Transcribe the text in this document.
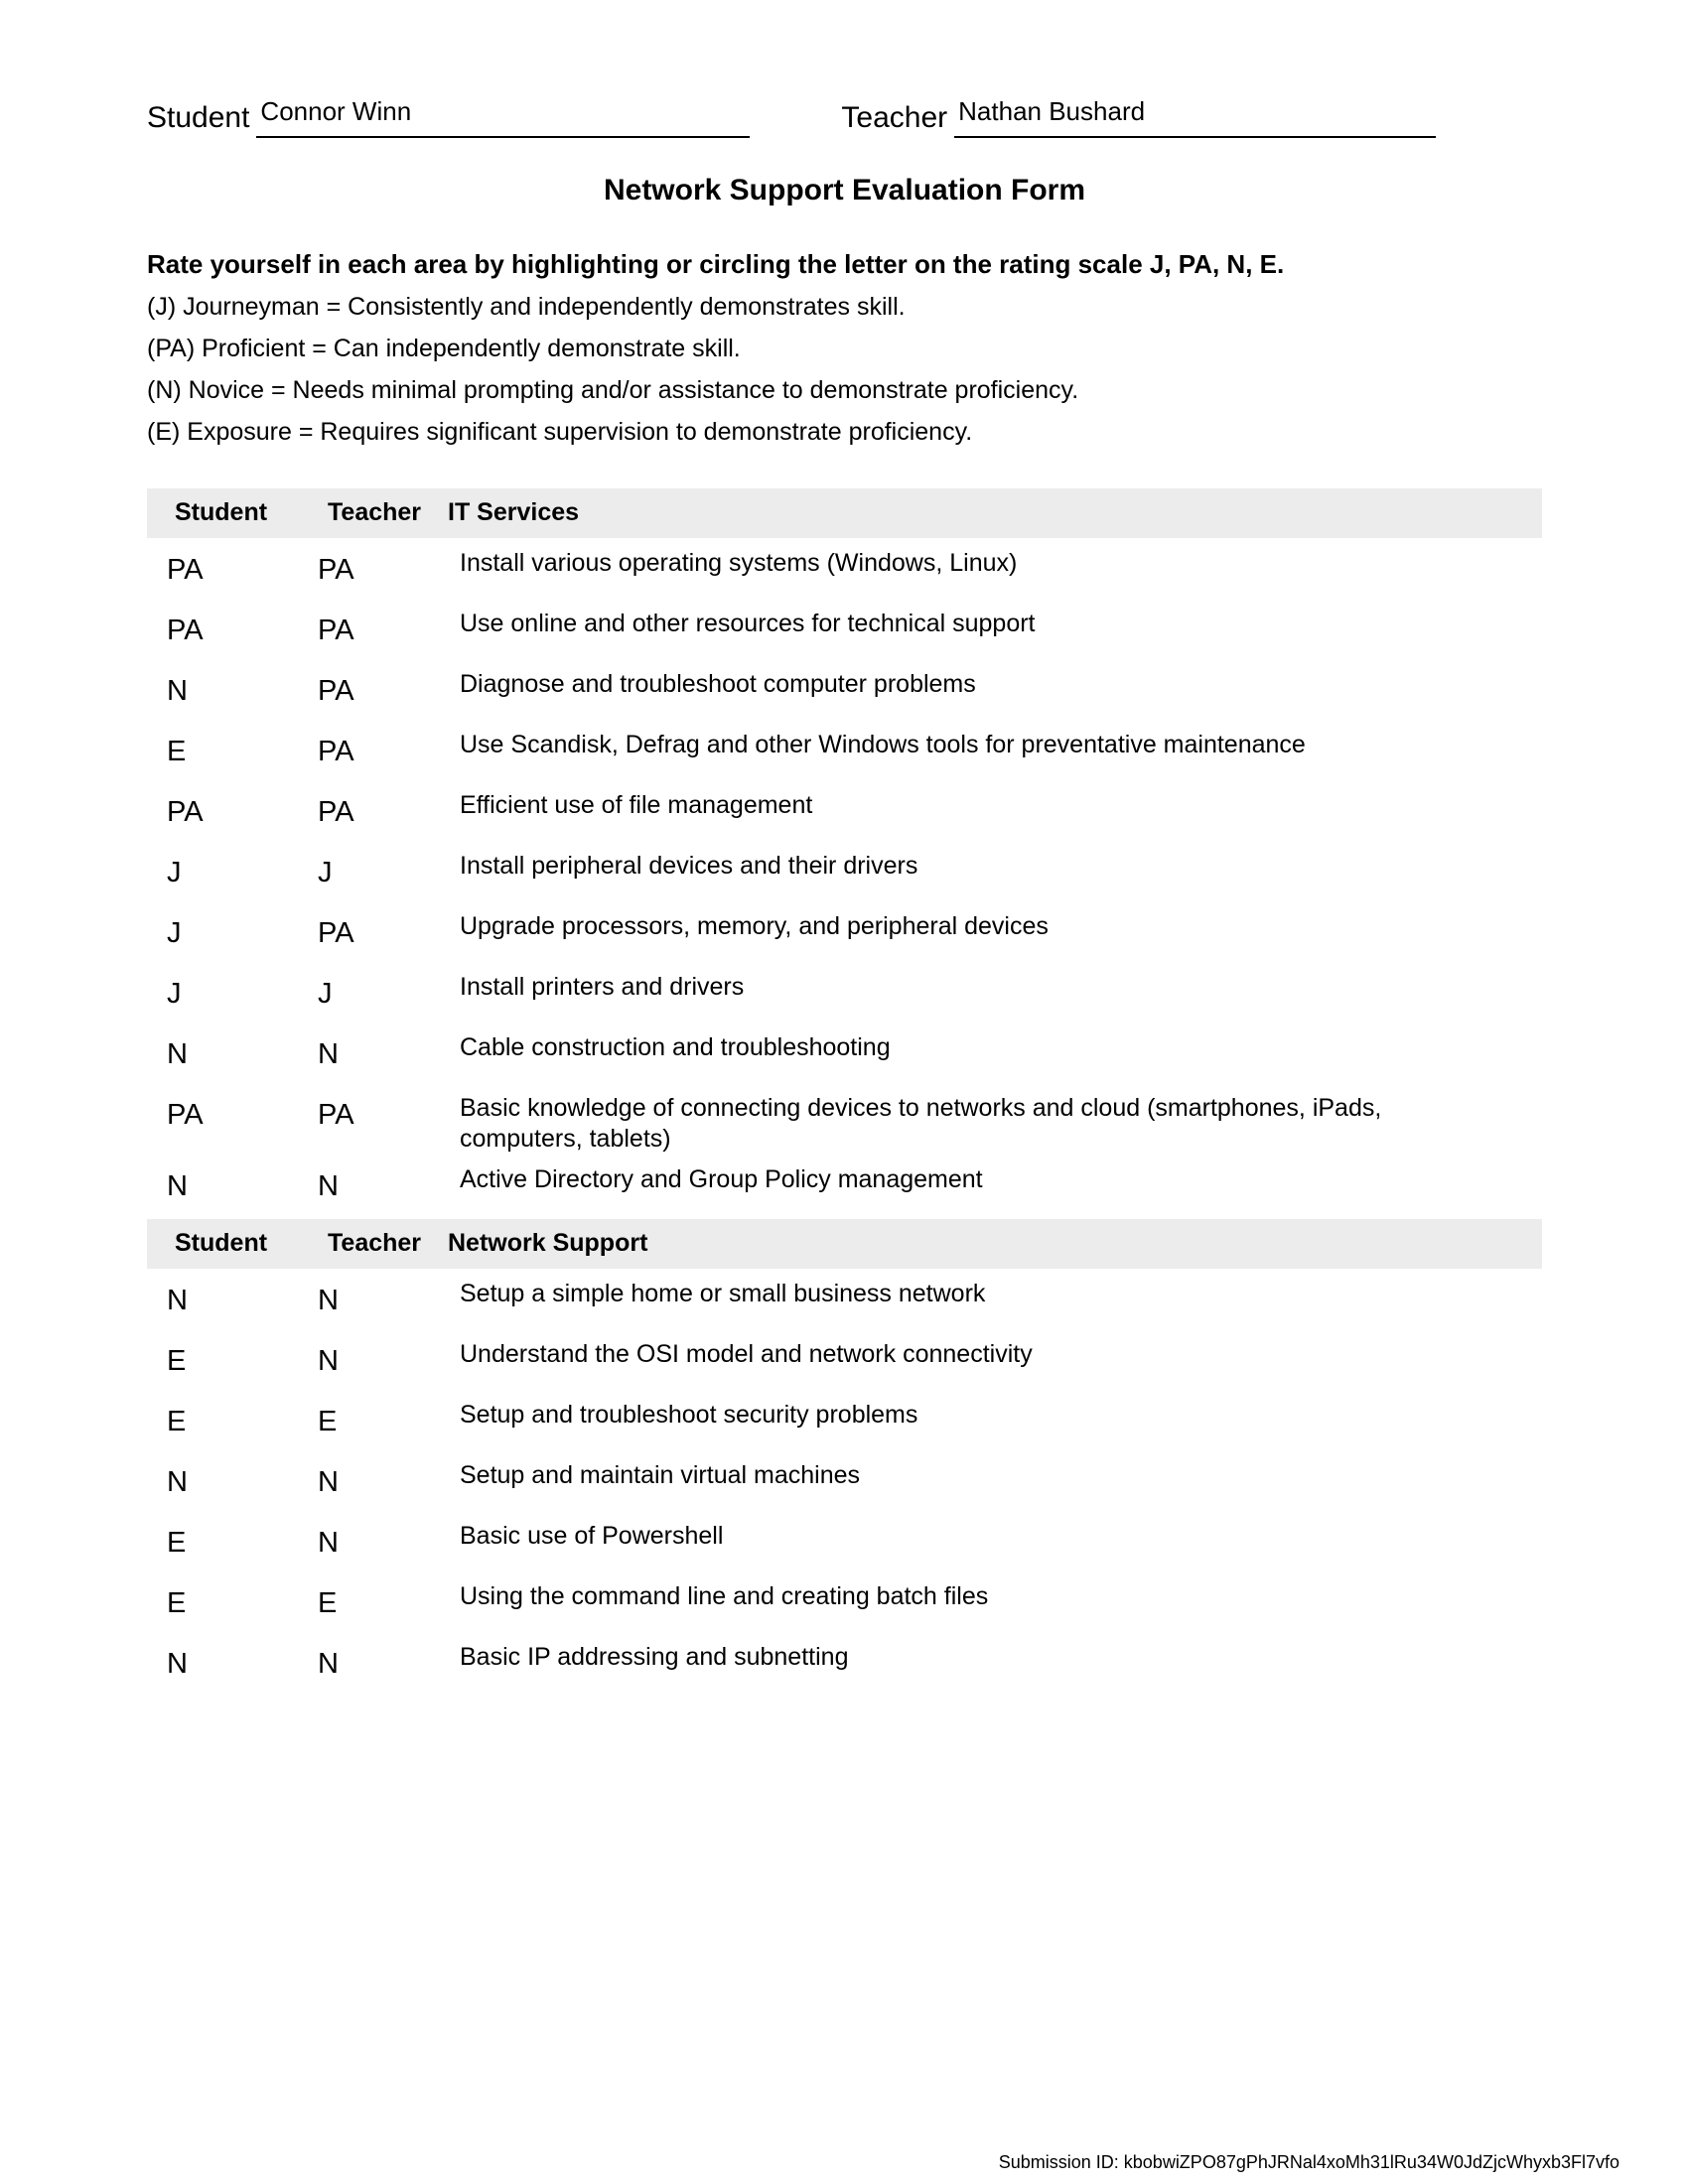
Student Connor Winn	Teacher Nathan Bushard
Network Support Evaluation Form

Rate yourself in each area by highlighting or circling the letter on the rating scale J, PA, N, E.

(J) Journeyman = Consistently and independently demonstrates skill.

(PA) Proficient = Can independently demonstrate skill.

(N) Novice = Needs minimal prompting and/or assistance to demonstrate proficiency.

(E) Exposure = Requires significant supervision to demonstrate proficiency.

Student	Teacher	IT Services
PA	PA	Install various operating systems (Windows, Linux)
PA	PA	Use online and other resources for technical support
N	PA	Diagnose and troubleshoot computer problems
E	PA	Use Scandisk, Defrag and other Windows tools for preventative maintenance
PA	PA	Efficient use of file management
J	J	Install peripheral devices and their drivers
J	PA	Upgrade processors, memory, and peripheral devices
J	J	Install printers and drivers
N	N	Cable construction and troubleshooting
PA	PA	Basic knowledge of connecting devices to networks and cloud (smartphones, iPads, computers, tablets)
N	N	Active Directory and Group Policy management
Student	Teacher	Network Support
N	N	Setup a simple home or small business network
E	N	Understand the OSI model and network connectivity
E	E	Setup and troubleshoot security problems
N	N	Setup and maintain virtual machines
E	N	Basic use of Powershell
E	E	Using the command line and creating batch files
N	N	Basic IP addressing and subnetting
Submission ID: kbobwiZPO87gPhJRNal4xoMh31lRu34W0JdZjcWhyxb3Fl7vfo
